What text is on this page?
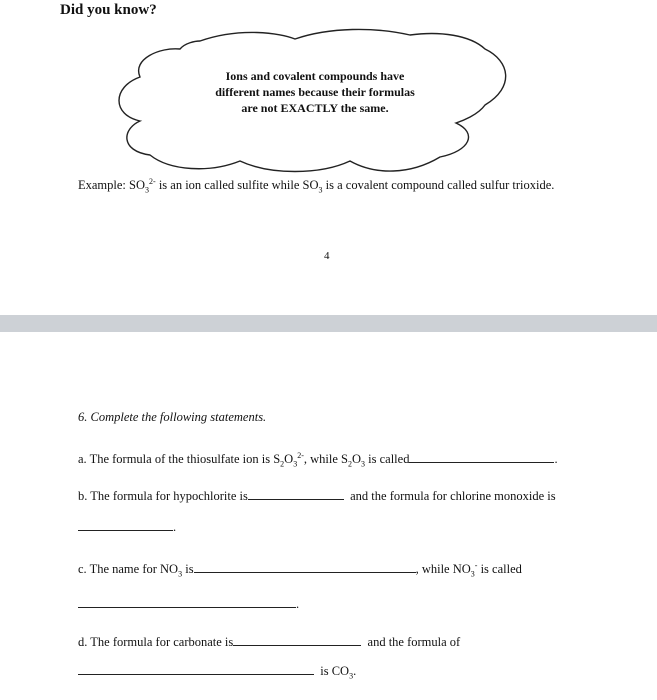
Did you know?
Ions and covalent compounds have
different names because their formulas
are not EXACTLY the same.
Example: $SO_3^{2-}$ is an ion called sulfite while $SO_3$ is a covalent compound called sulfur trioxide.
4
6. Complete the following statements.
a. The formula of the thiosulfate ion is $S_2O_3^{2-}$, while $S_2O_3$ is called	.
b. The formula for hypochlorite is	and the formula for chlorine monoxide is
.
c. The name for $NO_3$ is	, while $NO_3^-$ is called
.
d. The formula for carbonate is	and the formula of
is $CO_3$.
